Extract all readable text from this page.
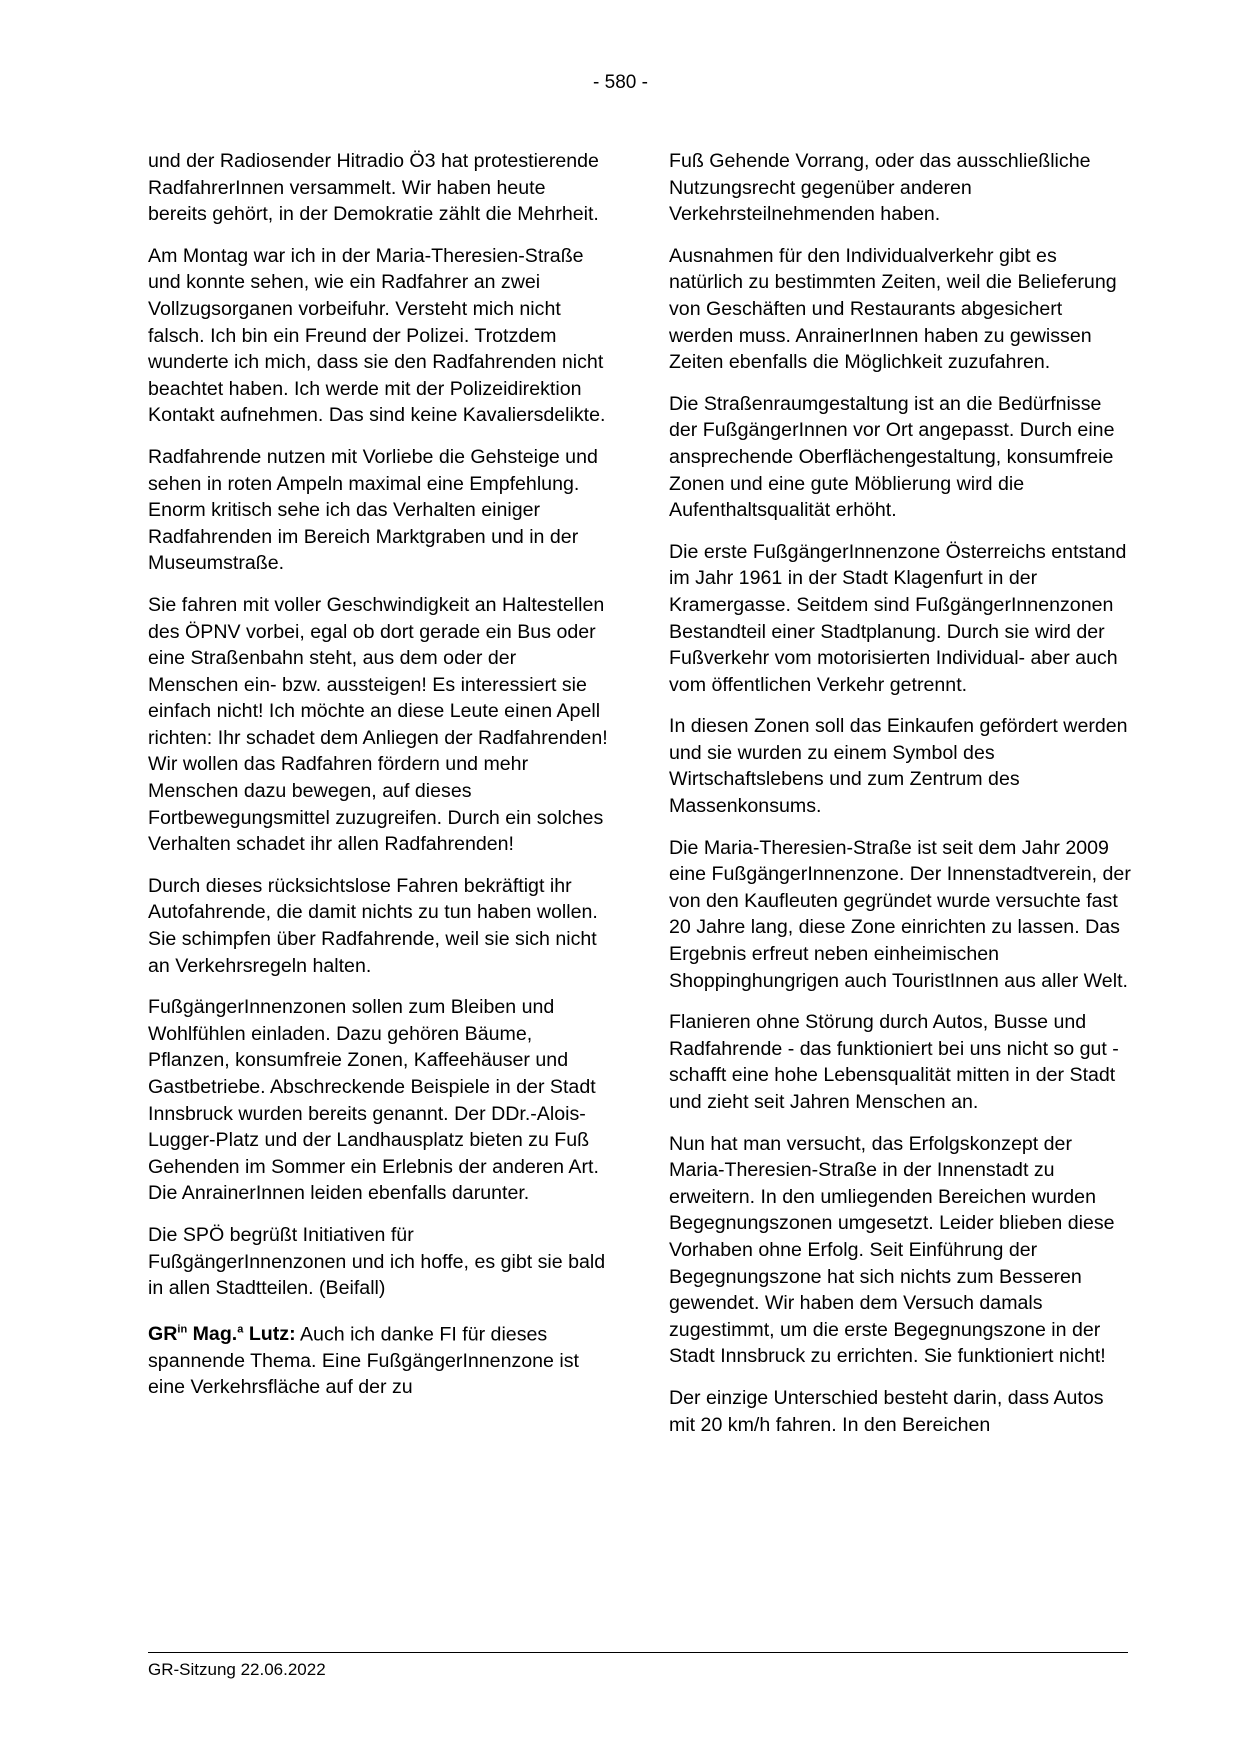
- 580 -

und der Radiosender Hitradio Ö3 hat protestierende RadfahrerInnen versammelt. Wir haben heute bereits gehört, in der Demokratie zählt die Mehrheit.

Am Montag war ich in der Maria-Theresien-Straße und konnte sehen, wie ein Radfahrer an zwei Vollzugsorganen vorbeifuhr. Versteht mich nicht falsch. Ich bin ein Freund der Polizei. Trotzdem wunderte ich mich, dass sie den Radfahrenden nicht beachtet haben. Ich werde mit der Polizeidirektion Kontakt aufnehmen. Das sind keine Kavaliersdelikte.

Radfahrende nutzen mit Vorliebe die Gehsteige und sehen in roten Ampeln maximal eine Empfehlung. Enorm kritisch sehe ich das Verhalten einiger Radfahrenden im Bereich Marktgraben und in der Museumstraße.

Sie fahren mit voller Geschwindigkeit an Haltestellen des ÖPNV vorbei, egal ob dort gerade ein Bus oder eine Straßenbahn steht, aus dem oder der Menschen ein- bzw. aussteigen! Es interessiert sie einfach nicht! Ich möchte an diese Leute einen Apell richten: Ihr schadet dem Anliegen der Radfahrenden! Wir wollen das Radfahren fördern und mehr Menschen dazu bewegen, auf dieses Fortbewegungsmittel zuzugreifen. Durch ein solches Verhalten schadet ihr allen Radfahrenden!

Durch dieses rücksichtslose Fahren bekräftigt ihr Autofahrende, die damit nichts zu tun haben wollen. Sie schimpfen über Radfahrende, weil sie sich nicht an Verkehrsregeln halten.

FußgängerInnenzonen sollen zum Bleiben und Wohlfühlen einladen. Dazu gehören Bäume, Pflanzen, konsumfreie Zonen, Kaffeehäuser und Gastbetriebe. Abschreckende Beispiele in der Stadt Innsbruck wurden bereits genannt. Der DDr.-Alois-Lugger-Platz und der Landhausplatz bieten zu Fuß Gehenden im Sommer ein Erlebnis der anderen Art. Die AnrainerInnen leiden ebenfalls darunter.

Die SPÖ begrüßt Initiativen für FußgängerInnenzonen und ich hoffe, es gibt sie bald in allen Stadtteilen. (Beifall)

$GR^{in}$ Mag.$^a$ Lutz: Auch ich danke FI für dieses spannende Thema. Eine FußgängerInnenzone ist eine Verkehrsfläche auf der zu

Fuß Gehende Vorrang, oder das ausschließliche Nutzungsrecht gegenüber anderen Verkehrsteilnehmenden haben.

Ausnahmen für den Individualverkehr gibt es natürlich zu bestimmten Zeiten, weil die Belieferung von Geschäften und Restaurants abgesichert werden muss. AnrainerInnen haben zu gewissen Zeiten ebenfalls die Möglichkeit zuzufahren.

Die Straßenraumgestaltung ist an die Bedürfnisse der FußgängerInnen vor Ort angepasst. Durch eine ansprechende Oberflächengestaltung, konsumfreie Zonen und eine gute Möblierung wird die Aufenthaltsqualität erhöht.

Die erste FußgängerInnenzone Österreichs entstand im Jahr 1961 in der Stadt Klagenfurt in der Kramergasse. Seitdem sind FußgängerInnenzonen Bestandteil einer Stadtplanung. Durch sie wird der Fußverkehr vom motorisierten Individual- aber auch vom öffentlichen Verkehr getrennt.

In diesen Zonen soll das Einkaufen gefördert werden und sie wurden zu einem Symbol des Wirtschaftslebens und zum Zentrum des Massenkonsums.

Die Maria-Theresien-Straße ist seit dem Jahr 2009 eine FußgängerInnenzone. Der Innenstadtverein, der von den Kaufleuten gegründet wurde versuchte fast 20 Jahre lang, diese Zone einrichten zu lassen. Das Ergebnis erfreut neben einheimischen Shoppinghungrigen auch TouristInnen aus aller Welt.

Flanieren ohne Störung durch Autos, Busse und Radfahrende - das funktioniert bei uns nicht so gut - schafft eine hohe Lebensqualität mitten in der Stadt und zieht seit Jahren Menschen an.

Nun hat man versucht, das Erfolgskonzept der Maria-Theresien-Straße in der Innenstadt zu erweitern. In den umliegenden Bereichen wurden Begegnungszonen umgesetzt. Leider blieben diese Vorhaben ohne Erfolg. Seit Einführung der Begegnungszone hat sich nichts zum Besseren gewendet. Wir haben dem Versuch damals zugestimmt, um die erste Begegnungszone in der Stadt Innsbruck zu errichten. Sie funktioniert nicht!

Der einzige Unterschied besteht darin, dass Autos mit 20 km/h fahren. In den Bereichen

GR-Sitzung 22.06.2022
